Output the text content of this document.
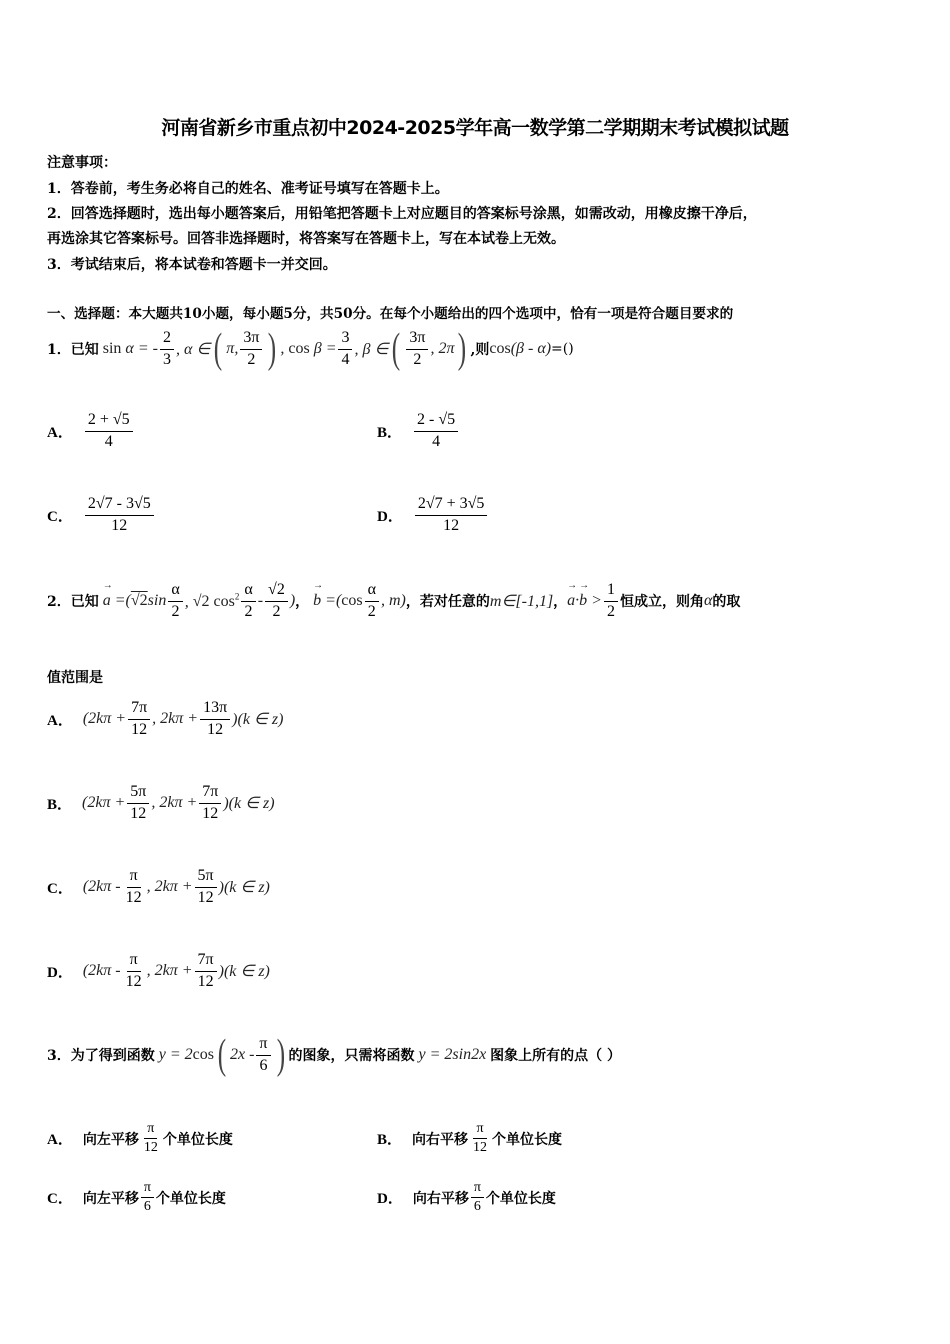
河南省新乡市重点初中2024-2025学年高一数学第二学期期末考试模拟试题
注意事项：
1．答卷前，考生务必将自己的姓名、准考证号填写在答题卡上。
2．回答选择题时，选出每小题答案后，用铅笔把答题卡上对应题目的答案标号涂黑，如需改动，用橡皮擦干净后，
再选涂其它答案标号。回答非选择题时，将答案写在答题卡上，写在本试卷上无效。
3．考试结束后，将本试卷和答题卡一并交回。
一、选择题：本大题共10小题，每小题5分，共50分。在每个小题给出的四个选项中，恰有一项是符合题目要求的
1．已知 sin α = - $\frac{2}{3}$ , α ∈ ( π, $\frac{3\pi}{2}$ ) , $\cos \beta = \frac{3}{4}$ , β ∈ ( $\frac{3\pi}{2}$ , 2π ) ,则 cos(β - α) =()
A． $\frac{2 + √5}{4}$	B． $\frac{2 - √5}{4}$
C． $\frac{2√7 - 3√5}{12}$	D． $\frac{2√7 + 3√5}{12}$
2．已知 → $a =(√2\sin \frac{\alpha}{2}$ , √2 $\cos^2 \frac{\alpha}{2} - \frac{√2}{2}$ ) ， → $b =(\cos \frac{\alpha}{2}$ , m) ，若对任意的 m∈[-1,1] ， → $a\cdot\to b > \frac{1}{2}$ 恒成立，则角 α 的取
值范围是
A． ($2k\pi + \frac{7\pi}{12}$ , $2k\pi + \frac{13\pi}{12} )(k$ ∈ z)
B． ($2k\pi + \frac{5\pi}{12}$ , $2k\pi + \frac{7\pi}{12} )(k$ ∈ z)
C． ($2k\pi - \frac{\pi}{12}$ , $2k\pi + \frac{5\pi}{12} )(k$ ∈ z)
D． ($2k\pi - \frac{\pi}{12}$ , $2k\pi + \frac{7\pi}{12} )(k$ ∈ z)
3．为了得到函数 y = 2cos ( $2x - \frac{\pi}{6}$ ) 的图象，只需将函数 y = 2sin2x 图象上所有的点（ ）
A． 向左平移 $\frac{\pi}{12}$ 个单位长度	B． 向右平移 $\frac{\pi}{12}$ 个单位长度
C． 向左平移 $\frac{\pi}{6}$ 个单位长度	D． 向右平移 $\frac{\pi}{6}$ 个单位长度
